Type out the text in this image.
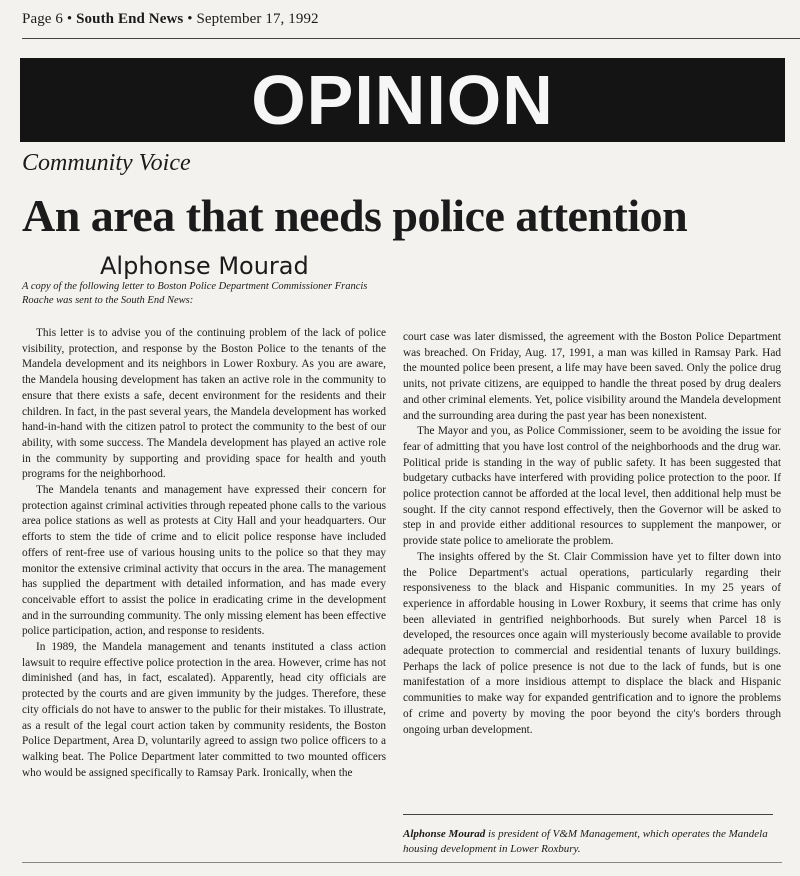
Page 6 • South End News • September 17, 1992
OPINION
Community Voice
An area that needs police attention
Alphonse Mourad
A copy of the following letter to Boston Police Department Commissioner Francis Roache was sent to the South End News:

This letter is to advise you of the continuing problem of the lack of police visibility, protection, and response by the Boston Police to the tenants of the Mandela development and its neighbors in Lower Roxbury. As you are aware, the Mandela housing development has taken an active role in the community to ensure that there exists a safe, decent environment for the residents and their children. In fact, in the past several years, the Mandela development has worked hand-in-hand with the citizen patrol to protect the community to the best of our ability, with some success. The Mandela development has played an active role in the community by supporting and providing space for health and youth programs for the neighborhood.

The Mandela tenants and management have expressed their concern for protection against criminal activities through repeated phone calls to the various area police stations as well as protests at City Hall and your headquarters. Our efforts to stem the tide of crime and to elicit police response have included offers of rent-free use of various housing units to the police so that they may monitor the extensive criminal activity that occurs in the area. The management has supplied the department with detailed information, and has made every conceivable effort to assist the police in eradicating crime in the development and in the surrounding community. The only missing element has been effective police participation, action, and response to residents.

In 1989, the Mandela management and tenants instituted a class action lawsuit to require effective police protection in the area. However, crime has not diminished (and has, in fact, escalated). Apparently, head city officials are protected by the courts and are given immunity by the judges. Therefore, these city officials do not have to answer to the public for their mistakes. To illustrate, as a result of the legal court action taken by community residents, the Boston Police Department, Area D, voluntarily agreed to assign two police officers to a walking beat. The Police Department later committed to two mounted officers who would be assigned specifically to Ramsay Park. Ironically, when the

court case was later dismissed, the agreement with the Boston Police Department was breached. On Friday, Aug. 17, 1991, a man was killed in Ramsay Park. Had the mounted police been present, a life may have been saved. Only the police drug units, not private citizens, are equipped to handle the threat posed by drug dealers and other criminal elements. Yet, police visibility around the Mandela development and the surrounding area during the past year has been nonexistent.

The Mayor and you, as Police Commissioner, seem to be avoiding the issue for fear of admitting that you have lost control of the neighborhoods and the drug war. Political pride is standing in the way of public safety. It has been suggested that budgetary cutbacks have interfered with providing police protection to the poor. If police protection cannot be afforded at the local level, then additional help must be sought. If the city cannot respond effectively, then the Governor will be asked to step in and provide either additional resources to supplement the manpower, or provide state police to ameliorate the problem.

The insights offered by the St. Clair Commission have yet to filter down into the Police Department's actual operations, particularly regarding their responsiveness to the black and Hispanic communities. In my 25 years of experience in affordable housing in Lower Roxbury, it seems that crime has only been alleviated in gentrified neighborhoods. But surely when Parcel 18 is developed, the resources once again will mysteriously become available to provide adequate protection to commercial and residential tenants of luxury buildings. Perhaps the lack of police presence is not due to the lack of funds, but is one manifestation of a more insidious attempt to displace the black and Hispanic communities to make way for expanded gentrification and to ignore the problems of crime and poverty by moving the poor beyond the city's borders through ongoing urban development.

Alphonse Mourad is president of V&M Management, which operates the Mandela housing development in Lower Roxbury.
